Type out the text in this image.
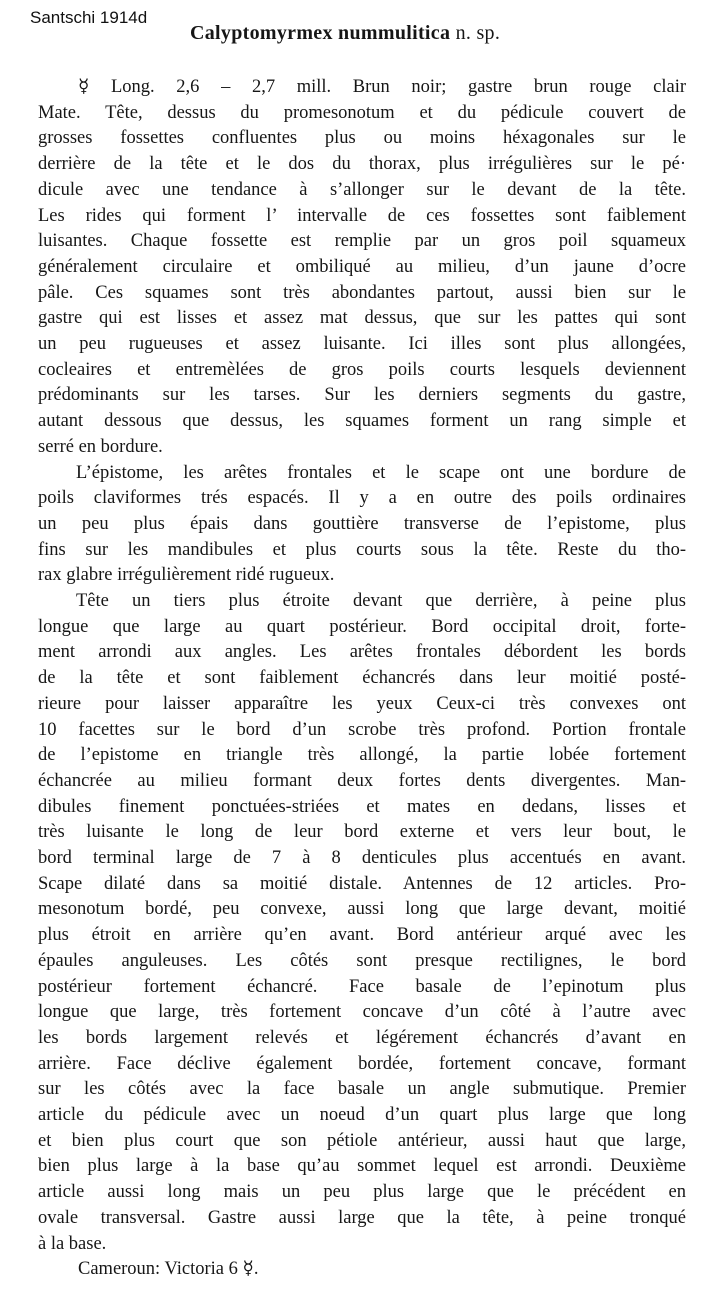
Santschi 1914d
Calyptomyrmex nummulitica n. sp.
☿ Long. 2,6 – 2,7 mill. Brun noir; gastre brun rouge clair
Mate. Tête, dessus du promesonotum et du pédicule couvert de
grosses fossettes confluentes plus ou moins héxagonales sur le
derrière de la tête et le dos du thorax, plus irrégulières sur le pé·
dicule avec une tendance à s’allonger sur le devant de la tête.
Les rides qui forment l’ intervalle de ces fossettes sont faiblement
luisantes. Chaque fossette est remplie par un gros poil squameux
généralement circulaire et ombiliqué au milieu, d’un jaune d’ocre
pâle. Ces squames sont très abondantes partout, aussi bien sur le
gastre qui est lisses et assez mat dessus, que sur les pattes qui sont
un peu rugueuses et assez luisante. Ici illes sont plus allongées,
cocleaires et entremèlées de gros poils courts lesquels deviennent
prédominants sur les tarses. Sur les derniers segments du gastre,
autant dessous que dessus, les squames forment un rang simple et
serré en bordure.
L’épistome, les arêtes frontales et le scape ont une bordure de
poils claviformes trés espacés. Il y a en outre des poils ordinaires
un peu plus épais dans gouttière transverse de l’epistome, plus
fins sur les mandibules et plus courts sous la tête. Reste du tho-
rax glabre irrégulièrement ridé rugueux.
Tête un tiers plus étroite devant que derrière, à peine plus
longue que large au quart postérieur. Bord occipital droit, forte-
ment arrondi aux angles. Les arêtes frontales débordent les bords
de la tête et sont faiblement échancrés dans leur moitié posté-
rieure pour laisser apparaître les yeux Ceux-ci très convexes ont
10 facettes sur le bord d’un scrobe très profond. Portion frontale
de l’epistome en triangle très allongé, la partie lobée fortement
échancrée au milieu formant deux fortes dents divergentes. Man-
dibules finement ponctuées-striées et mates en dedans, lisses et
très luisante le long de leur bord externe et vers leur bout, le
bord terminal large de 7 à 8 denticules plus accentués en avant.
Scape dilaté dans sa moitié distale. Antennes de 12 articles. Pro-
mesonotum bordé, peu convexe, aussi long que large devant, moitié
plus étroit en arrière qu’en avant. Bord antérieur arqué avec les
épaules anguleuses. Les côtés sont presque rectilignes, le bord
postérieur fortement échancré. Face basale de l’epinotum plus
longue que large, très fortement concave d’un côté à l’autre avec
les bords largement relevés et légérement échancrés d’avant en
arrière. Face déclive également bordée, fortement concave, formant
sur les côtés avec la face basale un angle submutique. Premier
article du pédicule avec un noeud d’un quart plus large que long
et bien plus court que son pétiole antérieur, aussi haut que large,
bien plus large à la base qu’au sommet lequel est arrondi. Deuxième
article aussi long mais un peu plus large que le précédent en
ovale transversal. Gastre aussi large que la tête, à peine tronqué
à la base.
Cameroun: Victoria 6 ☿.
